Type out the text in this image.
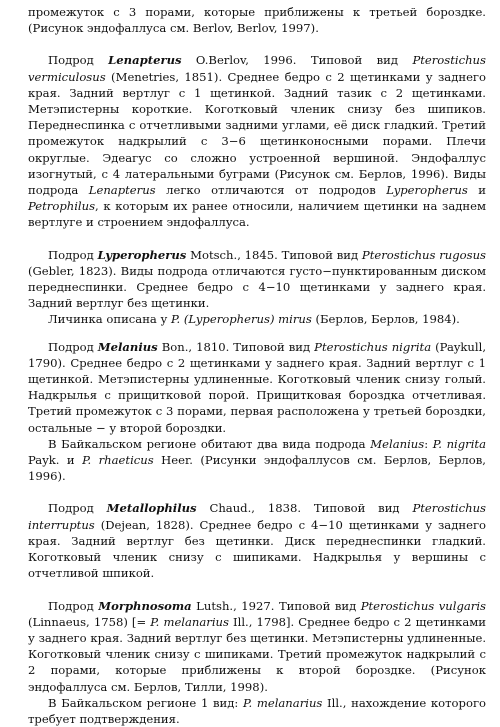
промежуток с 3 порами, которые приближены к третьей бороздке. (Рисунок эндофаллуса см. Berlov, Berlov, 1997).

Подрод Lenapterus O.Berlov, 1996. Типовой вид Pterostichus vermiculosus (Menetries, 1851). Среднее бедро с 2 щетинками у заднего края. Задний вертлуг с 1 щетинкой. Задний тазик с 2 щетинками. Метэпистерны короткие. Коготковый членик снизу без шипиков. Переднеспинка с отчетливыми задними углами, её диск гладкий. Третий промежуток надкрылий с 3−6 щетинконосными порами. Плечи округлые. Эдеагус со сложно устроенной вершиной. Эндофаллус изогнутый, с 4 латеральными буграми (Рисунок см. Берлов, 1996). Виды подрода Lenapterus легко отличаются от подродов Lyperopherus и Petrophilus, к которым их ранее относили, наличием щетинки на заднем вертлуге и строением эндофаллуса.

Подрод Lyperopherus Motsch., 1845. Типовой вид Pterostichus rugosus (Gebler, 1823). Виды подрода отличаются густо−пунктированным диском переднеспинки. Среднее бедро с 4−10 щетинками у заднего края. Задний вертлуг без щетинки.

Личинка описана у P. (Lyperopherus) mirus (Берлов, Берлов, 1984).

Подрод Melanius Bon., 1810. Типовой вид Pterostichus nigrita (Paykull, 1790). Среднее бедро с 2 щетинками у заднего края. Задний вертлуг с 1 щетинкой. Метэпистерны удлиненные. Коготковый членик снизу голый. Надкрылья с прищитковой порой. Прищитковая бороздка отчетливая. Третий промежуток с 3 порами, первая расположена у третьей бороздки, остальные − у второй бороздки.

В Байкальском регионе обитают два вида подрода Melanius: P. nigrita Payk. и P. rhaeticus Heer. (Рисунки эндофаллусов см. Берлов, Берлов, 1996).

Подрод Metallophilus Chaud., 1838. Типовой вид Pterostichus interruptus (Dejean, 1828). Среднее бедро с 4−10 щетинками у заднего края. Задний вертлуг без щетинки. Диск переднеспинки гладкий. Коготковый членик снизу с шипиками. Надкрылья у вершины с отчетливой шпикой.

Подрод Morphnosoma Lutsh., 1927. Типовой вид Pterostichus vulgaris (Linnaeus, 1758) [= P. melanarius Ill., 1798]. Среднее бедро с 2 щетинками у заднего края. Задний вертлуг без щетинки. Метэпистерны удлиненные. Коготковый членик снизу с шипиками. Третий промежуток надкрылий с 2 порами, которые приближены к второй бороздке. (Рисунок эндофаллуса см. Берлов, Тилли, 1998).

В Байкальском регионе 1 вид: P. melanarius Ill., нахождение которого требует подтверждения.
